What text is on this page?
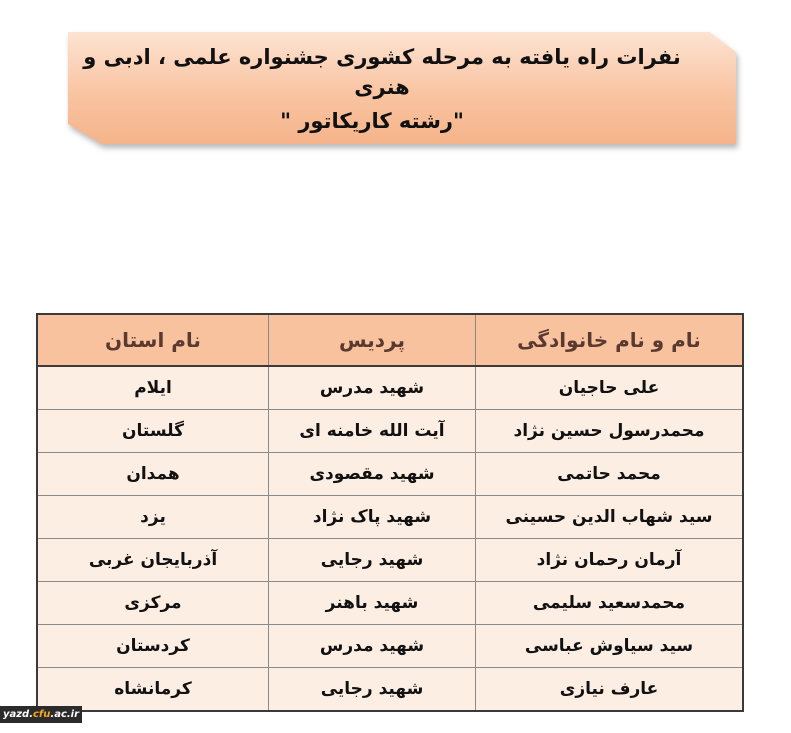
نفرات راه یافته به مرحله کشوری جشنواره علمی ، ادبی و هنری
"رشته کاریکاتور "
نام و نام خانوادگی	پردیس	نام استان
علی حاجیان	شهید مدرس	ایلام
محمدرسول حسین نژاد	آیت الله خامنه ای	گلستان
محمد حاتمی	شهید مقصودی	همدان
سید شهاب الدین حسینی	شهید پاک نژاد	یزد
آرمان رحمان نژاد	شهید رجایی	آذربایجان غربی
محمدسعید سلیمی	شهید باهنر	مرکزی
سید سیاوش عباسی	شهید مدرس	کردستان
عارف نیازی	شهید رجایی	کرمانشاه
yazd.cfu.ac.ir
